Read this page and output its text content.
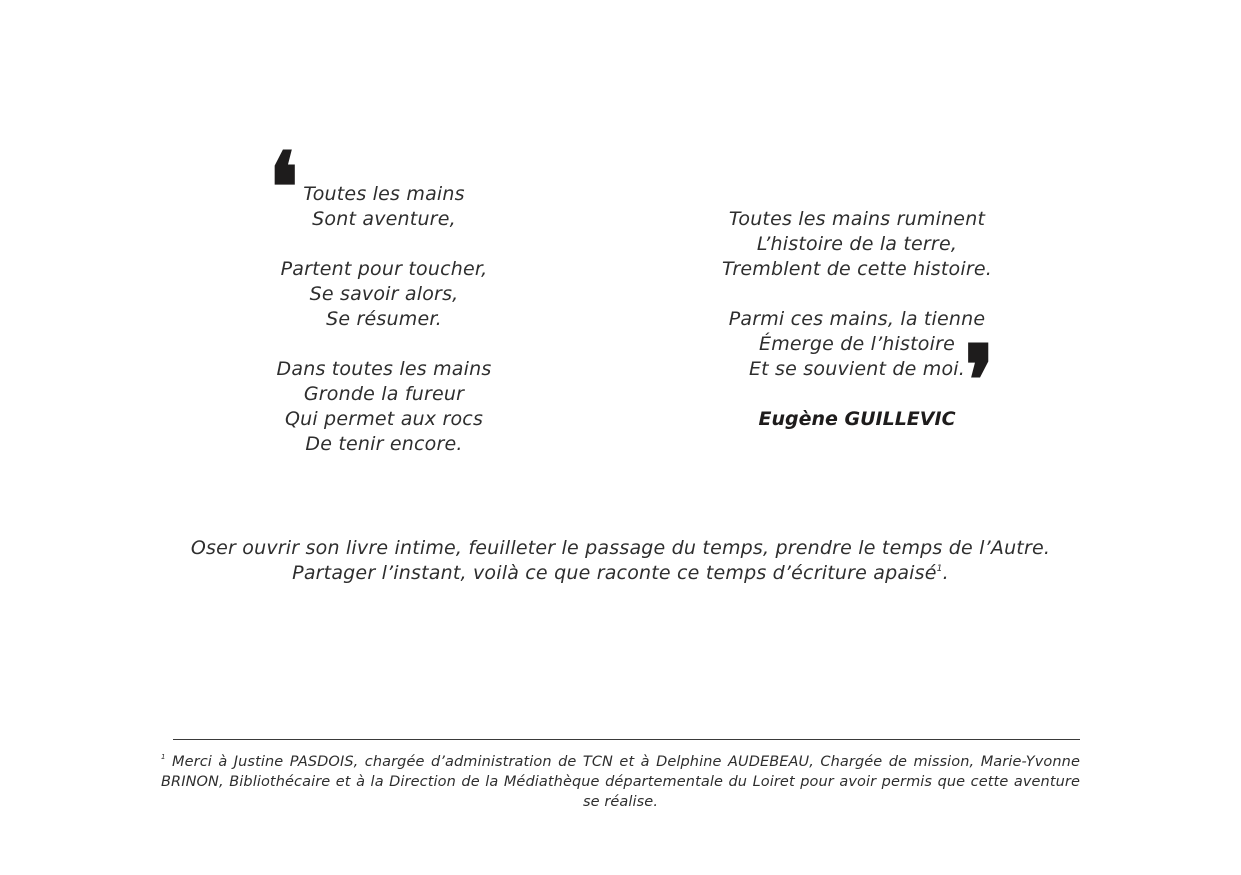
❛ Toutes les mains
Sont aventure,
Partent pour toucher,
Se savoir alors,
Se résumer.
Dans toutes les mains
Gronde la fureur
Qui permet aux rocs
De tenir encore.
Toutes les mains ruminent
L’histoire de la terre,
Tremblent de cette histoire.
Parmi ces mains, la tienne
Émerge de l’histoire
Et se souvient de moi.
❜
Eugène GUILLEVIC
Oser ouvrir son livre intime, feuilleter le passage du temps, prendre le temps de l’Autre.
Partager l’instant, voilà ce que raconte ce temps d’écriture apaisé$^1$.
$^1$ Merci à Justine PASDOIS, chargée d’administration de TCN et à Delphine AUDEBEAU, Chargée de mission, Marie-Yvonne BRINON, Bibliothécaire et à la Direction de la Médiathèque départementale du Loiret pour avoir permis que cette aventure se réalise.
